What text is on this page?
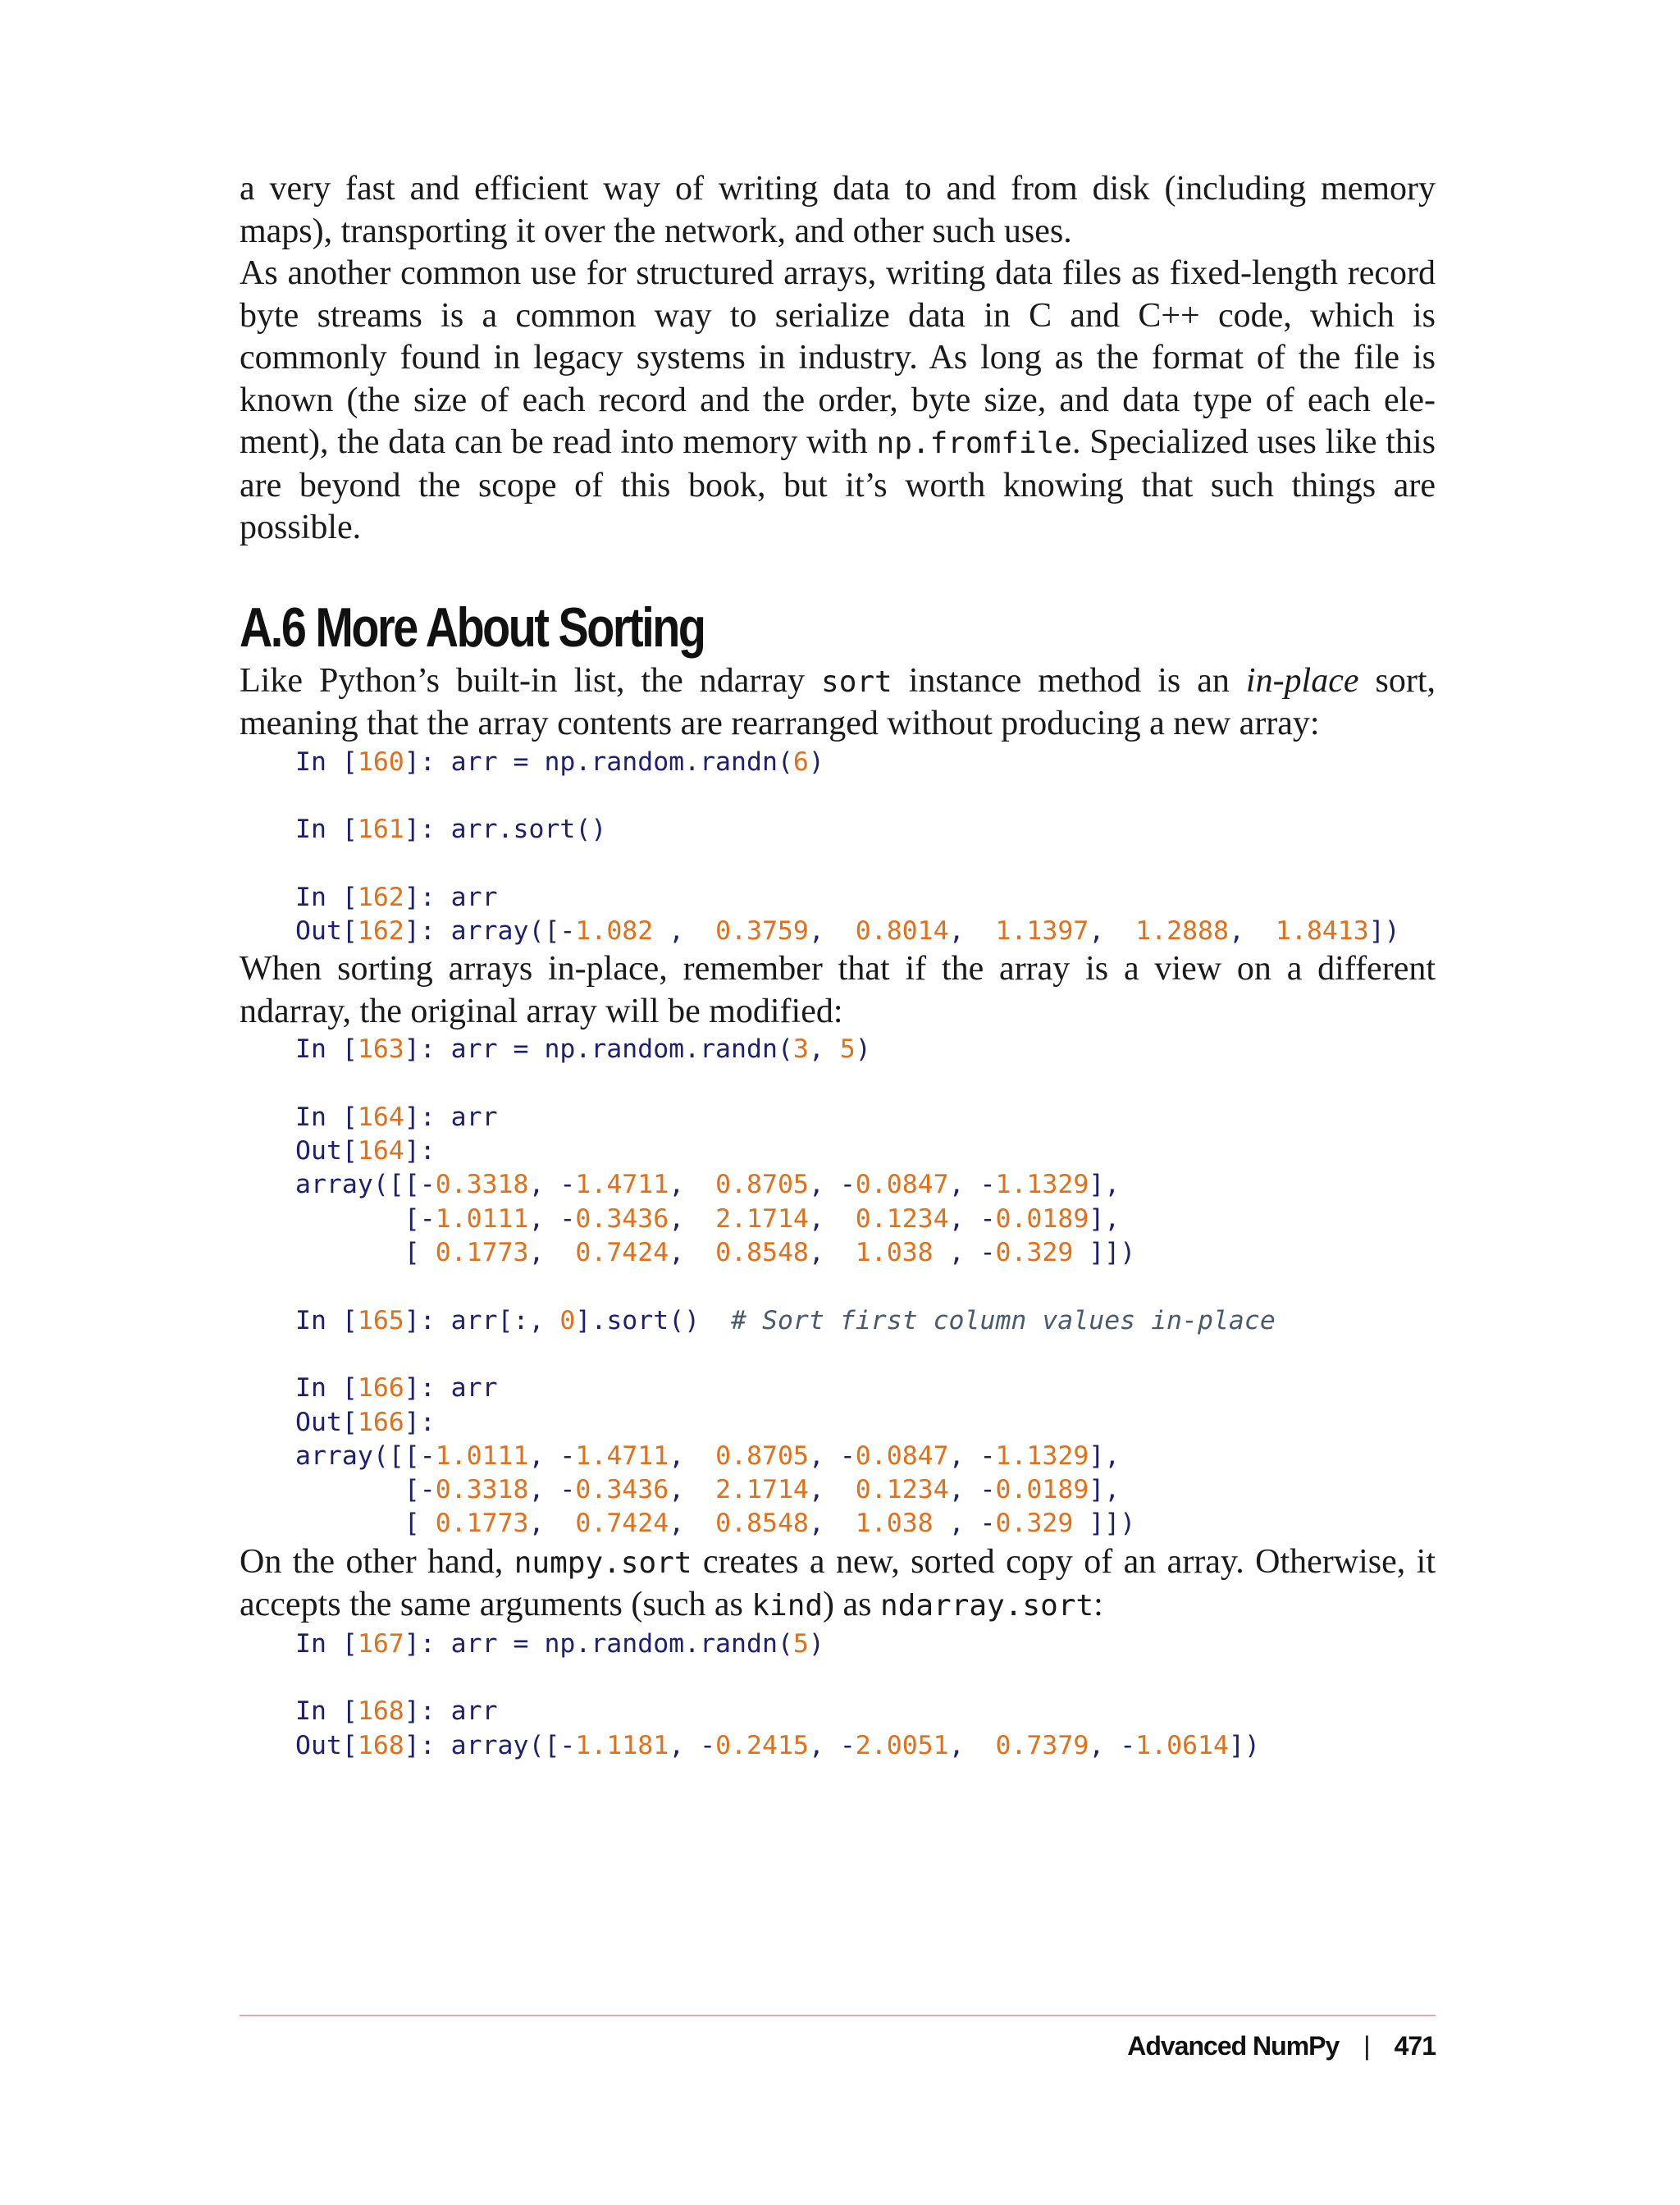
a very fast and efficient way of writing data to and from disk (including memory maps), transporting it over the network, and other such uses.

As another common use for structured arrays, writing data files as fixed-length record byte streams is a common way to serialize data in C and C++ code, which is commonly found in legacy systems in industry. As long as the format of the file is known (the size of each record and the order, byte size, and data type of each element), the data can be read into memory with np.fromfile. Specialized uses like this are beyond the scope of this book, but it’s worth knowing that such things are possible.

A.6 More About Sorting

Like Python’s built-in list, the ndarray sort instance method is an in-place sort, meaning that the array contents are rearranged without producing a new array:

In [160]: arr = np.random.randn(6)
In [161]: arr.sort()
In [162]: arr
Out[162]: array([-1.082 ,  0.3759,  0.8014,  1.1397,  1.2888,  1.8413])

When sorting arrays in-place, remember that if the array is a view on a different ndarray, the original array will be modified:

In [163]: arr = np.random.randn(3, 5)
In [164]: arr
Out[164]:
array([[-0.3318, -1.4711,  0.8705, -0.0847, -1.1329],
[-1.0111, -0.3436,  2.1714,  0.1234, -0.0189],
[ 0.1773,  0.7424,  0.8548,  1.038 , -0.329 ]])
In [165]: arr[:, 0].sort()  # Sort first column values in-place
In [166]: arr
Out[166]:
array([[-1.0111, -1.4711,  0.8705, -0.0847, -1.1329],
[-0.3318, -0.3436,  2.1714,  0.1234, -0.0189],
[ 0.1773,  0.7424,  0.8548,  1.038 , -0.329 ]])

On the other hand, numpy.sort creates a new, sorted copy of an array. Otherwise, it accepts the same arguments (such as kind) as ndarray.sort:

In [167]: arr = np.random.randn(5)
In [168]: arr
Out[168]: array([-1.1181, -0.2415, -2.0051,  0.7379, -1.0614])
Advanced NumPy | 471
